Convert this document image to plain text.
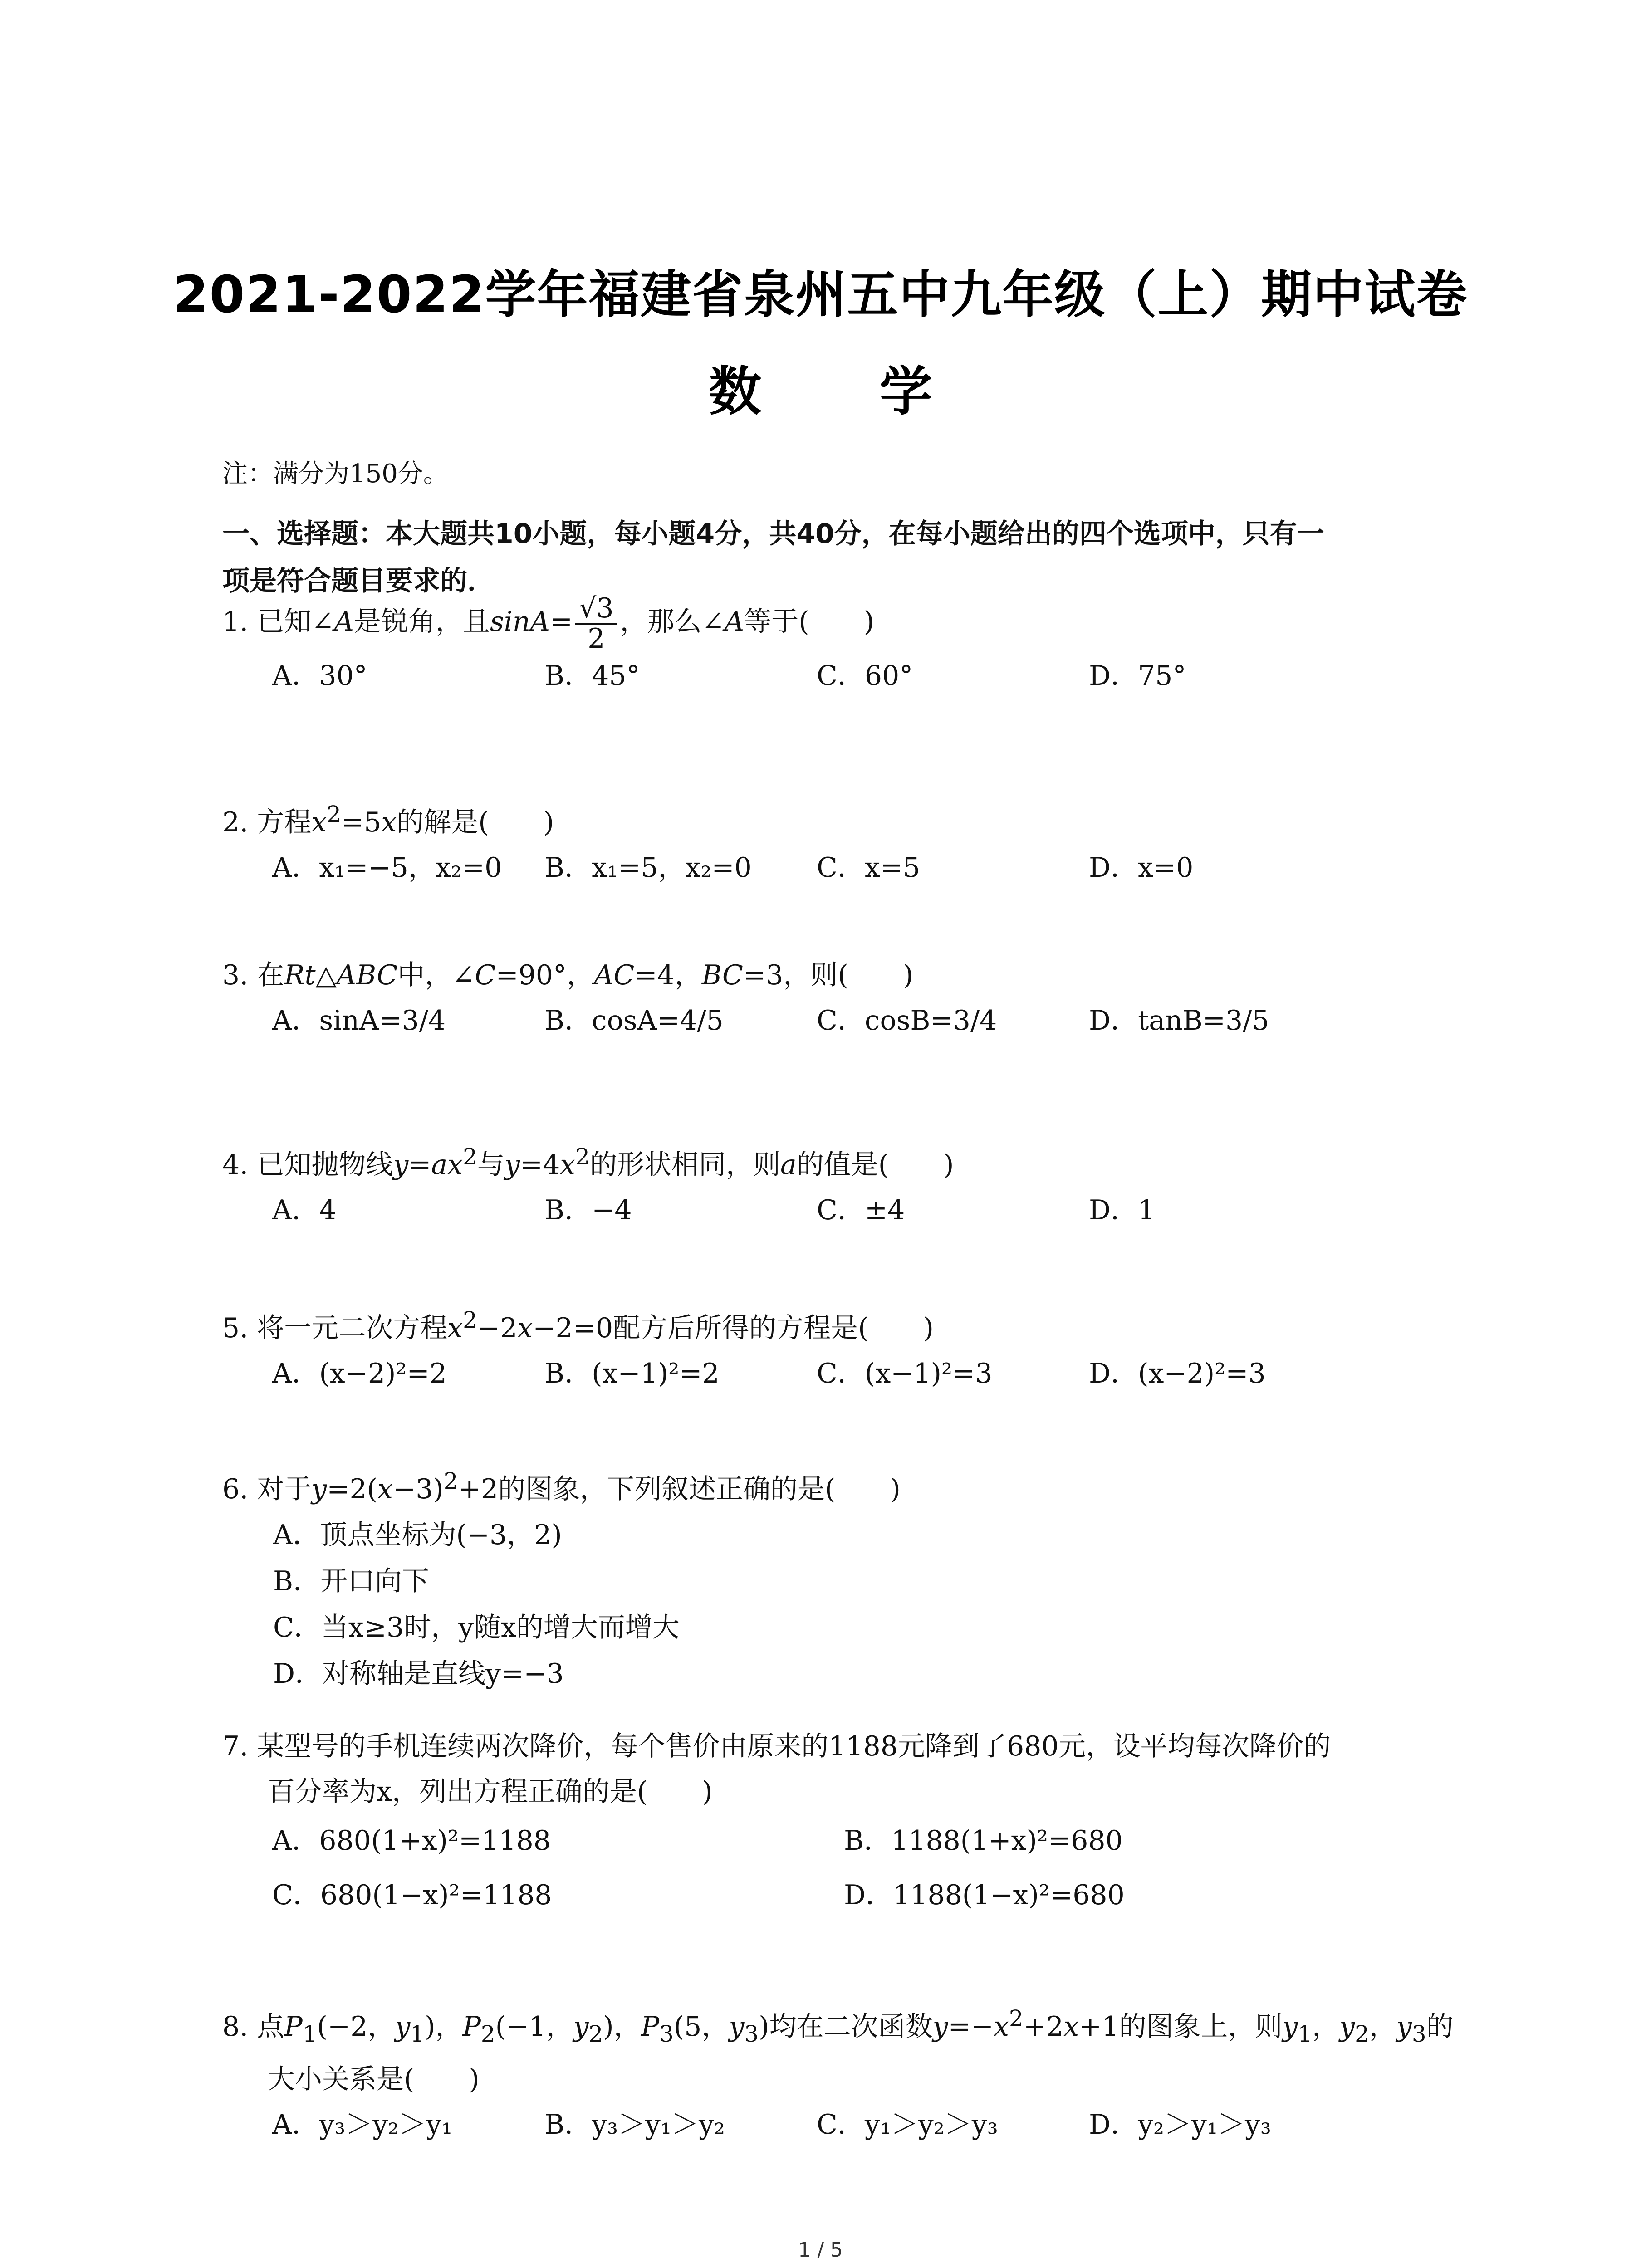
2021-2022学年福建省泉州五中九年级（上）期中试卷
数 学
注：满分为150分。
一、选择题：本大题共10小题，每小题4分，共40分，在每小题给出的四个选项中，只有一
项是符合题目要求的．
1. 已知∠A是锐角，且$\sin A= \frac{√3}{2}$ ，那么∠A等于( )
A．30°	B．45°	C．60°	D．75°
2. 方程$x^2=5x$的解是( )
A．x₁=−5，x₂=0 B．x₁=5，x₂=0 C．x=5	D．x=0
3. 在Rt△ABC中，∠C=90°，AC=4，BC=3，则( )
A．sinA=3/4	B．cosA=4/5	C．cosB=3/4	D．tanB=3/5
4. 已知抛物线$y=ax^2$与$y=4x^2$的形状相同，则a的值是( )
A．4	B．−4	C．±4	D．1
5. 将一元二次方程$x^2-2x-2=0$配方后所得的方程是( )
A．(x−2)²=2	B．(x−1)²=2	C．(x−1)²=3	D．(x−2)²=3
6. 对于$y=2(x-3)^2+2$的图象，下列叙述正确的是( )
A．顶点坐标为(−3，2)
B．开口向下
C．当x≥3时，y随x的增大而增大
D．对称轴是直线y=−3
7. 某型号的手机连续两次降价，每个售价由原来的1188元降到了680元，设平均每次降价的
百分率为x，列出方程正确的是(　　)
A．680(1+x)²=1188	B．1188(1+x)²=680
C．680(1−x)²=1188	D．1188(1−x)²=680
8. 点$P_1(-2$，$y_1$)，$P_2(-1$，$y_2$)，$P_3(5$，$y_3$)均在二次函数$y=-x^2+2x+1$的图象上，则$y_1$，$y_2$，$y_3$的
大小关系是(　　)
A．y₃＞y₂＞y₁	B．y₃＞y₁＞y₂	C．y₁＞y₂＞y₃	D．y₂＞y₁＞y₃
1 / 5
